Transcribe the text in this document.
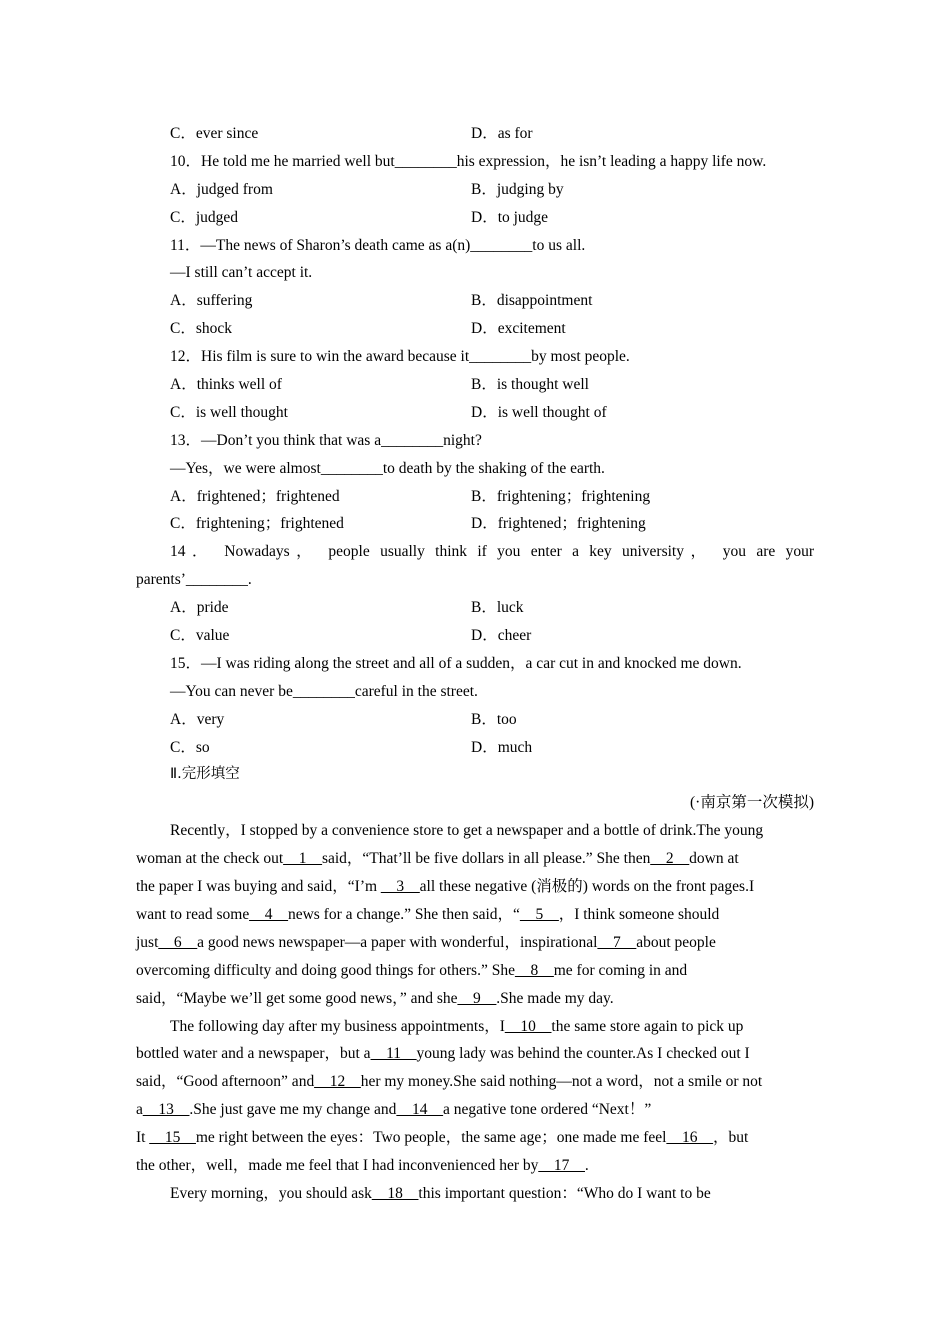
C．ever since	D．as for
10．He told me he married well but________his expression，he isn’t leading a happy life now.
A．judged from	B．judging by
C．judged	D．to judge
11．—The news of Sharon’s death came as a(n)________to us all.
—I still can’t accept it.
A．suffering	B．disappointment
C．shock	D．excitement
12．His film is sure to win the award because it________by most people.
A．thinks well of	B．is thought well
C．is well thought	D．is well thought of
13．—Don’t you think that was a________night?
—Yes，we were almost________to death by the shaking of the earth.
A．frightened；frightened	B．frightening；frightening
C．frightening；frightened	D．frightened；frightening
14． Nowadays， people usually think if you enter a key university， you are your
parents’________.
A．pride	B．luck
C．value	D．cheer
15．—I was riding along the street and all of a sudden，a car cut in and knocked me down.
—You can never be________careful in the street.
A．very	B．too
C．so	D．much
Ⅱ.完形填空
(·南京第一次模拟)
Recently，I stopped by a convenience store to get a newspaper and a bottle of drink.The young
woman at the check out__1__said，“That’ll be five dollars in all please.” She then__2__down at
the paper I was buying and said，“I’m __3__all these negative (消极的) words on the front pages.I
want to read some__4__news for a change.” She then said，“__5__，I think someone should
just__6__a good news newspaper—a paper with wonderful，inspirational__7__about people
overcoming difficulty and doing good things for others.” She__8__me for coming in and
said，“Maybe we’ll get some good news，” and she__9__.She made my day.
The following day after my business appointments，I__10__the same store again to pick up
bottled water and a newspaper，but a__11__young lady was behind the counter.As I checked out I
said，“Good afternoon” and__12__her my money.She said nothing—not a word，not a smile or not
a__13__.She just gave me my change and__14__a negative tone ordered “Next！”
It __15__me right between the eyes：Two people，the same age；one made me feel__16__，but
the other，well，made me feel that I had inconvenienced her by__17__.
Every morning，you should ask__18__this important question：“Who do I want to be
